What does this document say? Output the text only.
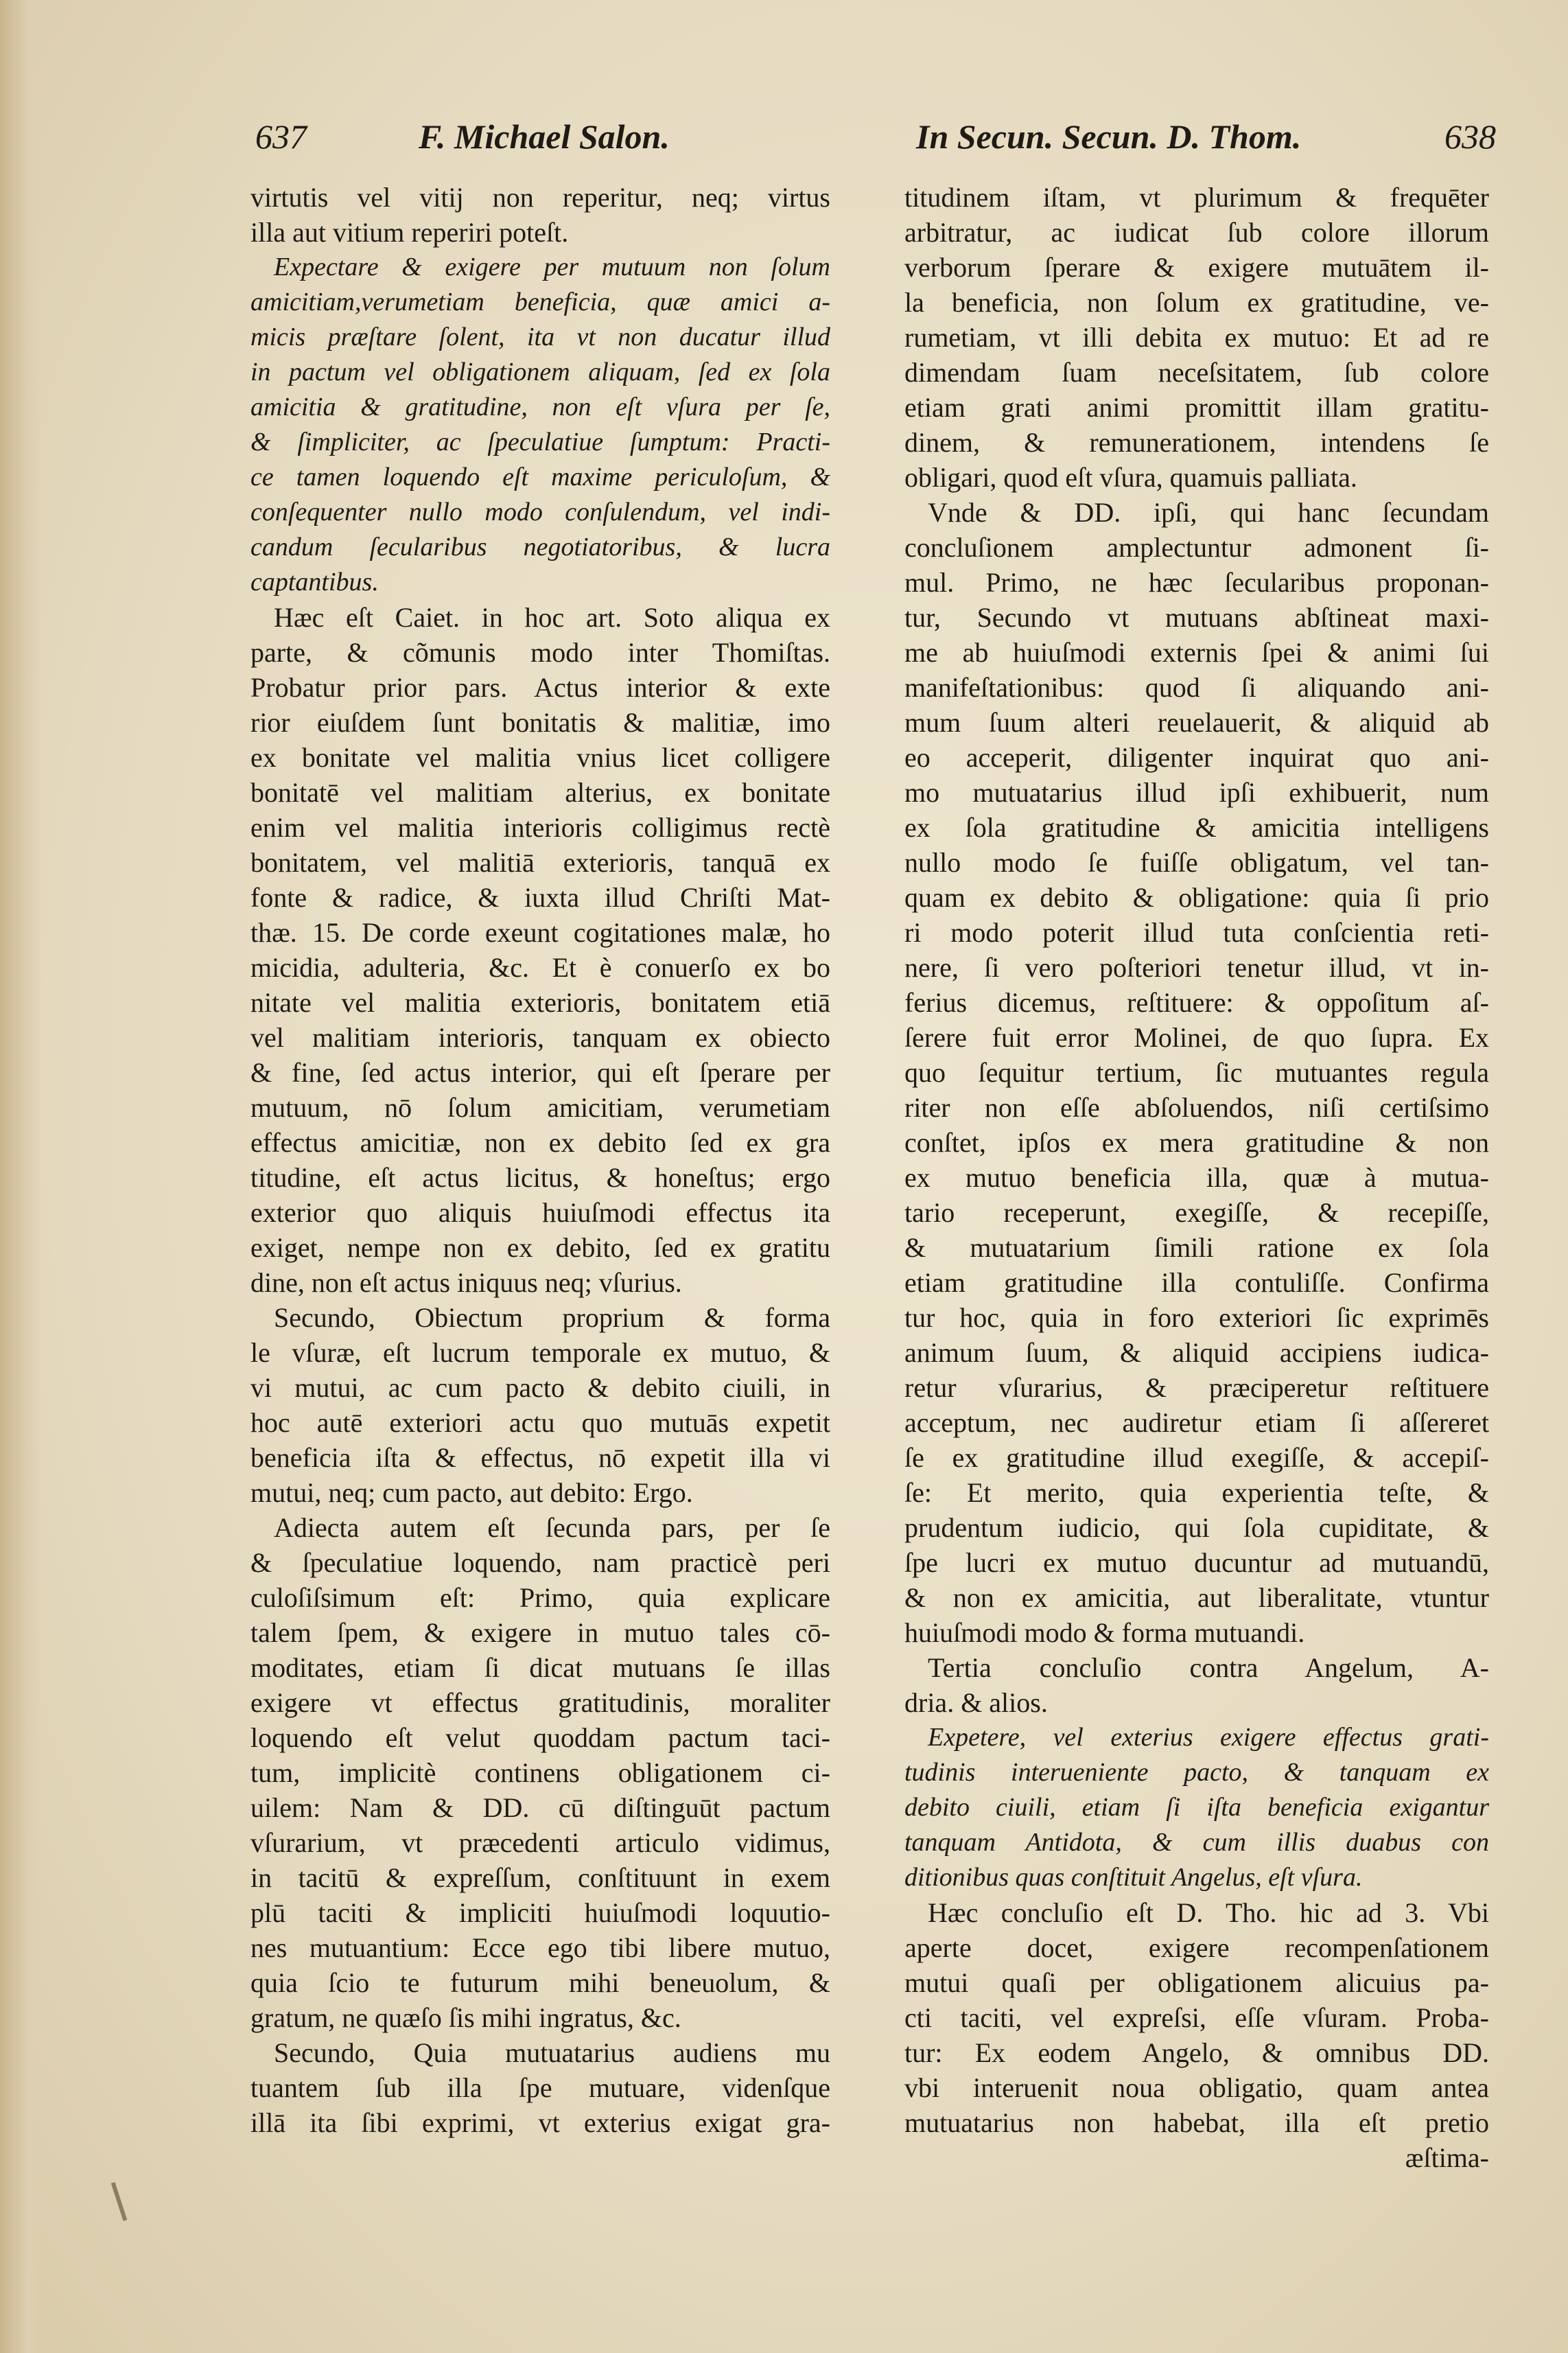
637	F. Michael Salon.	In Secun. Secun. D. Thom.	638
virtutis vel vitij non reperitur, neq; virtus
illa aut vitium reperiri poteſt.
Expectare & exigere per mutuum non ſolum
amicitiam,verumetiam beneficia, quæ amici a-
micis præſtare ſolent, ita vt non ducatur illud
in pactum vel obligationem aliquam, ſed ex ſola
amicitia & gratitudine, non eſt vſura per ſe,
& ſimpliciter, ac ſpeculatiue ſumptum: Practi-
ce tamen loquendo eſt maxime periculoſum, &
conſequenter nullo modo conſulendum, vel indi-
candum ſecularibus negotiatoribus, & lucra
captantibus.
Hæc eſt Caiet. in hoc art. Soto aliqua ex
parte, & cõmunis modo inter Thomiſtas.
Probatur prior pars. Actus interior & exte
rior eiuſdem ſunt bonitatis & malitiæ, imo
ex bonitate vel malitia vnius licet colligere
bonitatē vel malitiam alterius, ex bonitate
enim vel malitia interioris colligimus rectè
bonitatem, vel malitiā exterioris, tanquā ex
fonte & radice, & iuxta illud Chriſti Mat-
thæ. 15. De corde exeunt cogitationes malæ, ho
micidia, adulteria, &c. Et è conuerſo ex bo
nitate vel malitia exterioris, bonitatem etiā
vel malitiam interioris, tanquam ex obiecto
& fine, ſed actus interior, qui eſt ſperare per
mutuum, nō ſolum amicitiam, verumetiam
effectus amicitiæ, non ex debito ſed ex gra
titudine, eſt actus licitus, & honeſtus; ergo
exterior quo aliquis huiuſmodi effectus ita
exiget, nempe non ex debito, ſed ex gratitu
dine, non eſt actus iniquus neq; vſurius.
Secundo, Obiectum proprium & forma
le vſuræ, eſt lucrum temporale ex mutuo, &
vi mutui, ac cum pacto & debito ciuili, in
hoc autē exteriori actu quo mutuās expetit
beneficia iſta & effectus, nō expetit illa vi
mutui, neq; cum pacto, aut debito: Ergo.
Adiecta autem eſt ſecunda pars, per ſe
& ſpeculatiue loquendo, nam practicè peri
culoſiſsimum eſt: Primo, quia explicare
talem ſpem, & exigere in mutuo tales cō-
moditates, etiam ſi dicat mutuans ſe illas
exigere vt effectus gratitudinis, moraliter
loquendo eſt velut quoddam pactum taci-
tum, implicitè continens obligationem ci-
uilem: Nam & DD. cū diſtinguūt pactum
vſurarium, vt præcedenti articulo vidimus,
in tacitū & expreſſum, conſtituunt in exem
plū taciti & impliciti huiuſmodi loquutio-
nes mutuantium: Ecce ego tibi libere mutuo,
quia ſcio te futurum mihi beneuolum, &
gratum, ne quæſo ſis mihi ingratus, &c.
Secundo, Quia mutuatarius audiens mu
tuantem ſub illa ſpe mutuare, videnſque
illā ita ſibi exprimi, vt exterius exigat gra-
titudinem iſtam, vt plurimum & frequēter
arbitratur, ac iudicat ſub colore illorum
verborum ſperare & exigere mutuātem il-
la beneficia, non ſolum ex gratitudine, ve-
rumetiam, vt illi debita ex mutuo: Et ad re
dimendam ſuam neceſsitatem, ſub colore
etiam grati animi promittit illam gratitu-
dinem, & remunerationem, intendens ſe
obligari, quod eſt vſura, quamuis palliata.
Vnde & DD. ipſi, qui hanc ſecundam
concluſionem amplectuntur admonent ſi-
mul. Primo, ne hæc ſecularibus proponan-
tur, Secundo vt mutuans abſtineat maxi-
me ab huiuſmodi externis ſpei & animi ſui
manifeſtationibus: quod ſi aliquando ani-
mum ſuum alteri reuelauerit, & aliquid ab
eo acceperit, diligenter inquirat quo ani-
mo mutuatarius illud ipſi exhibuerit, num
ex ſola gratitudine & amicitia intelligens
nullo modo ſe fuiſſe obligatum, vel tan-
quam ex debito & obligatione: quia ſi prio
ri modo poterit illud tuta conſcientia reti-
nere, ſi vero poſteriori tenetur illud, vt in-
ferius dicemus, reſtituere: & oppoſitum aſ-
ſerere fuit error Molinei, de quo ſupra. Ex
quo ſequitur tertium, ſic mutuantes regula
riter non eſſe abſoluendos, niſi certiſsimo
conſtet, ipſos ex mera gratitudine & non
ex mutuo beneficia illa, quæ à mutua-
tario receperunt, exegiſſe, & recepiſſe,
& mutuatarium ſimili ratione ex ſola
etiam gratitudine illa contuliſſe. Confirma
tur hoc, quia in foro exteriori ſic exprimēs
animum ſuum, & aliquid accipiens iudica-
retur vſurarius, & præciperetur reſtituere
acceptum, nec audiretur etiam ſi aſſereret
ſe ex gratitudine illud exegiſſe, & accepiſ-
ſe: Et merito, quia experientia teſte, &
prudentum iudicio, qui ſola cupiditate, &
ſpe lucri ex mutuo ducuntur ad mutuandū,
& non ex amicitia, aut liberalitate, vtuntur
huiuſmodi modo & forma mutuandi.
Tertia concluſio contra Angelum, A-
dria. & alios.
Expetere, vel exterius exigere effectus grati-
tudinis interueniente pacto, & tanquam ex
debito ciuili, etiam ſi iſta beneficia exigantur
tanquam Antidota, & cum illis duabus con
ditionibus quas conſtituit Angelus, eſt vſura.
Hæc concluſio eſt D. Tho. hic ad 3. Vbi
aperte docet, exigere recompenſationem
mutui quaſi per obligationem alicuius pa-
cti taciti, vel expreſsi, eſſe vſuram. Proba-
tur: Ex eodem Angelo, & omnibus DD.
vbi interuenit noua obligatio, quam antea
mutuatarius non habebat, illa eſt pretio
æſtima-
